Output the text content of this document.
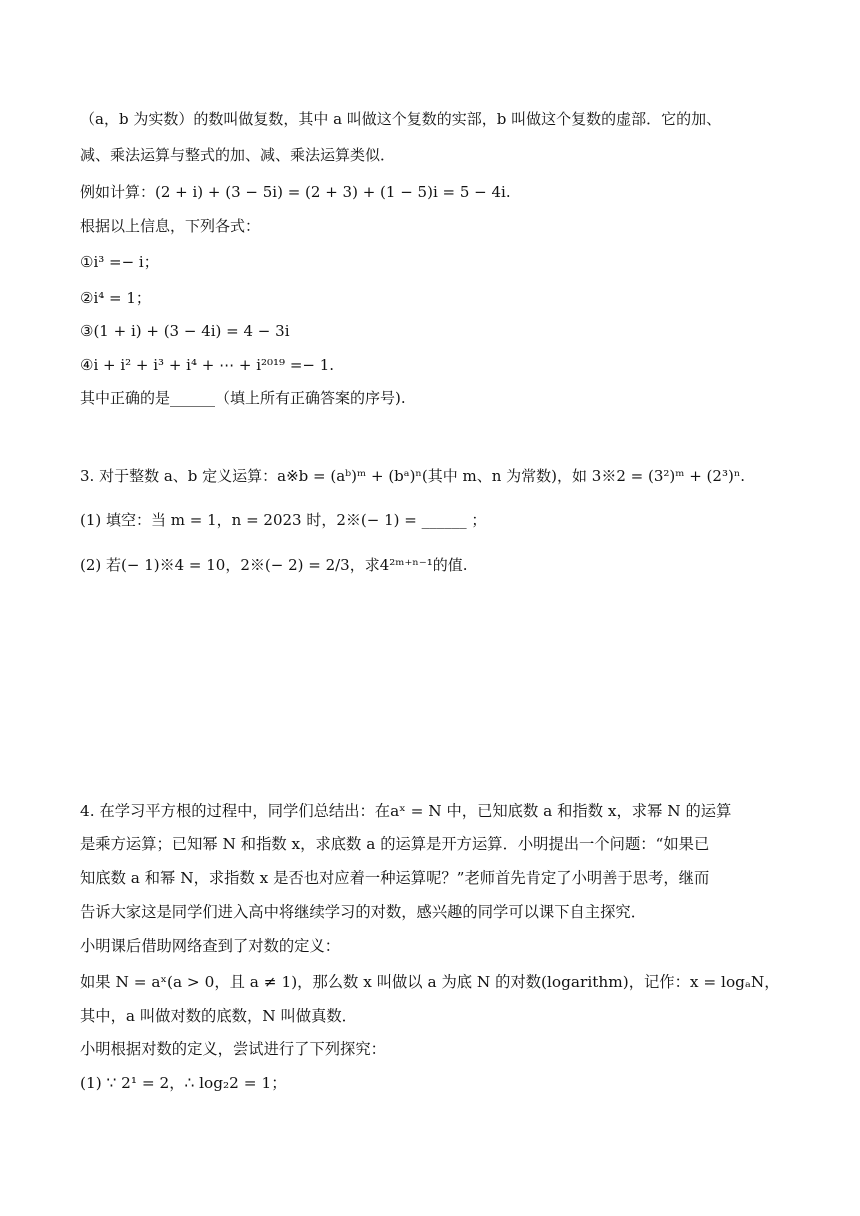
（a，b 为实数）的数叫做复数，其中 a 叫做这个复数的实部，b 叫做这个复数的虚部．它的加、
减、乘法运算与整式的加、减、乘法运算类似．
例如计算：(2 + i) + (3 − 5i) = (2 + 3) + (1 − 5)i = 5 − 4i.
根据以上信息，下列各式：
①i³ =− i；
②i⁴ = 1；
③(1 + i) + (3 − 4i) = 4 − 3i
④i + i² + i³ + i⁴ + ⋯ + i²⁰¹⁹ =− 1.
其中正确的是______（填上所有正确答案的序号).
3. 对于整数 a、b 定义运算：a※b = (aᵇ)ᵐ + (bᵃ)ⁿ(其中 m、n 为常数)，如 3※2 = (3²)ᵐ + (2³)ⁿ.
(1) 填空：当 m = 1，n = 2023 时，2※(− 1) = ______ ；
(2) 若(− 1)※4 = 10，2※(− 2) = 2/3，求4²ᵐ⁺ⁿ⁻¹的值.
4. 在学习平方根的过程中，同学们总结出：在aˣ = N 中，已知底数 a 和指数 x，求幂 N 的运算
是乘方运算；已知幂 N 和指数 x，求底数 a 的运算是开方运算．小明提出一个问题：“如果已
知底数 a 和幂 N，求指数 x 是否也对应着一种运算呢？”老师首先肯定了小明善于思考，继而
告诉大家这是同学们进入高中将继续学习的对数，感兴趣的同学可以课下自主探究．
小明课后借助网络查到了对数的定义：
如果 N = aˣ(a > 0，且 a ≠ 1)，那么数 x 叫做以 a 为底 N 的对数(logarithm)，记作：x = logₐN，
其中，a 叫做对数的底数，N 叫做真数．
小明根据对数的定义，尝试进行了下列探究：
(1) ∵ 2¹ = 2，∴ log₂2 = 1；
